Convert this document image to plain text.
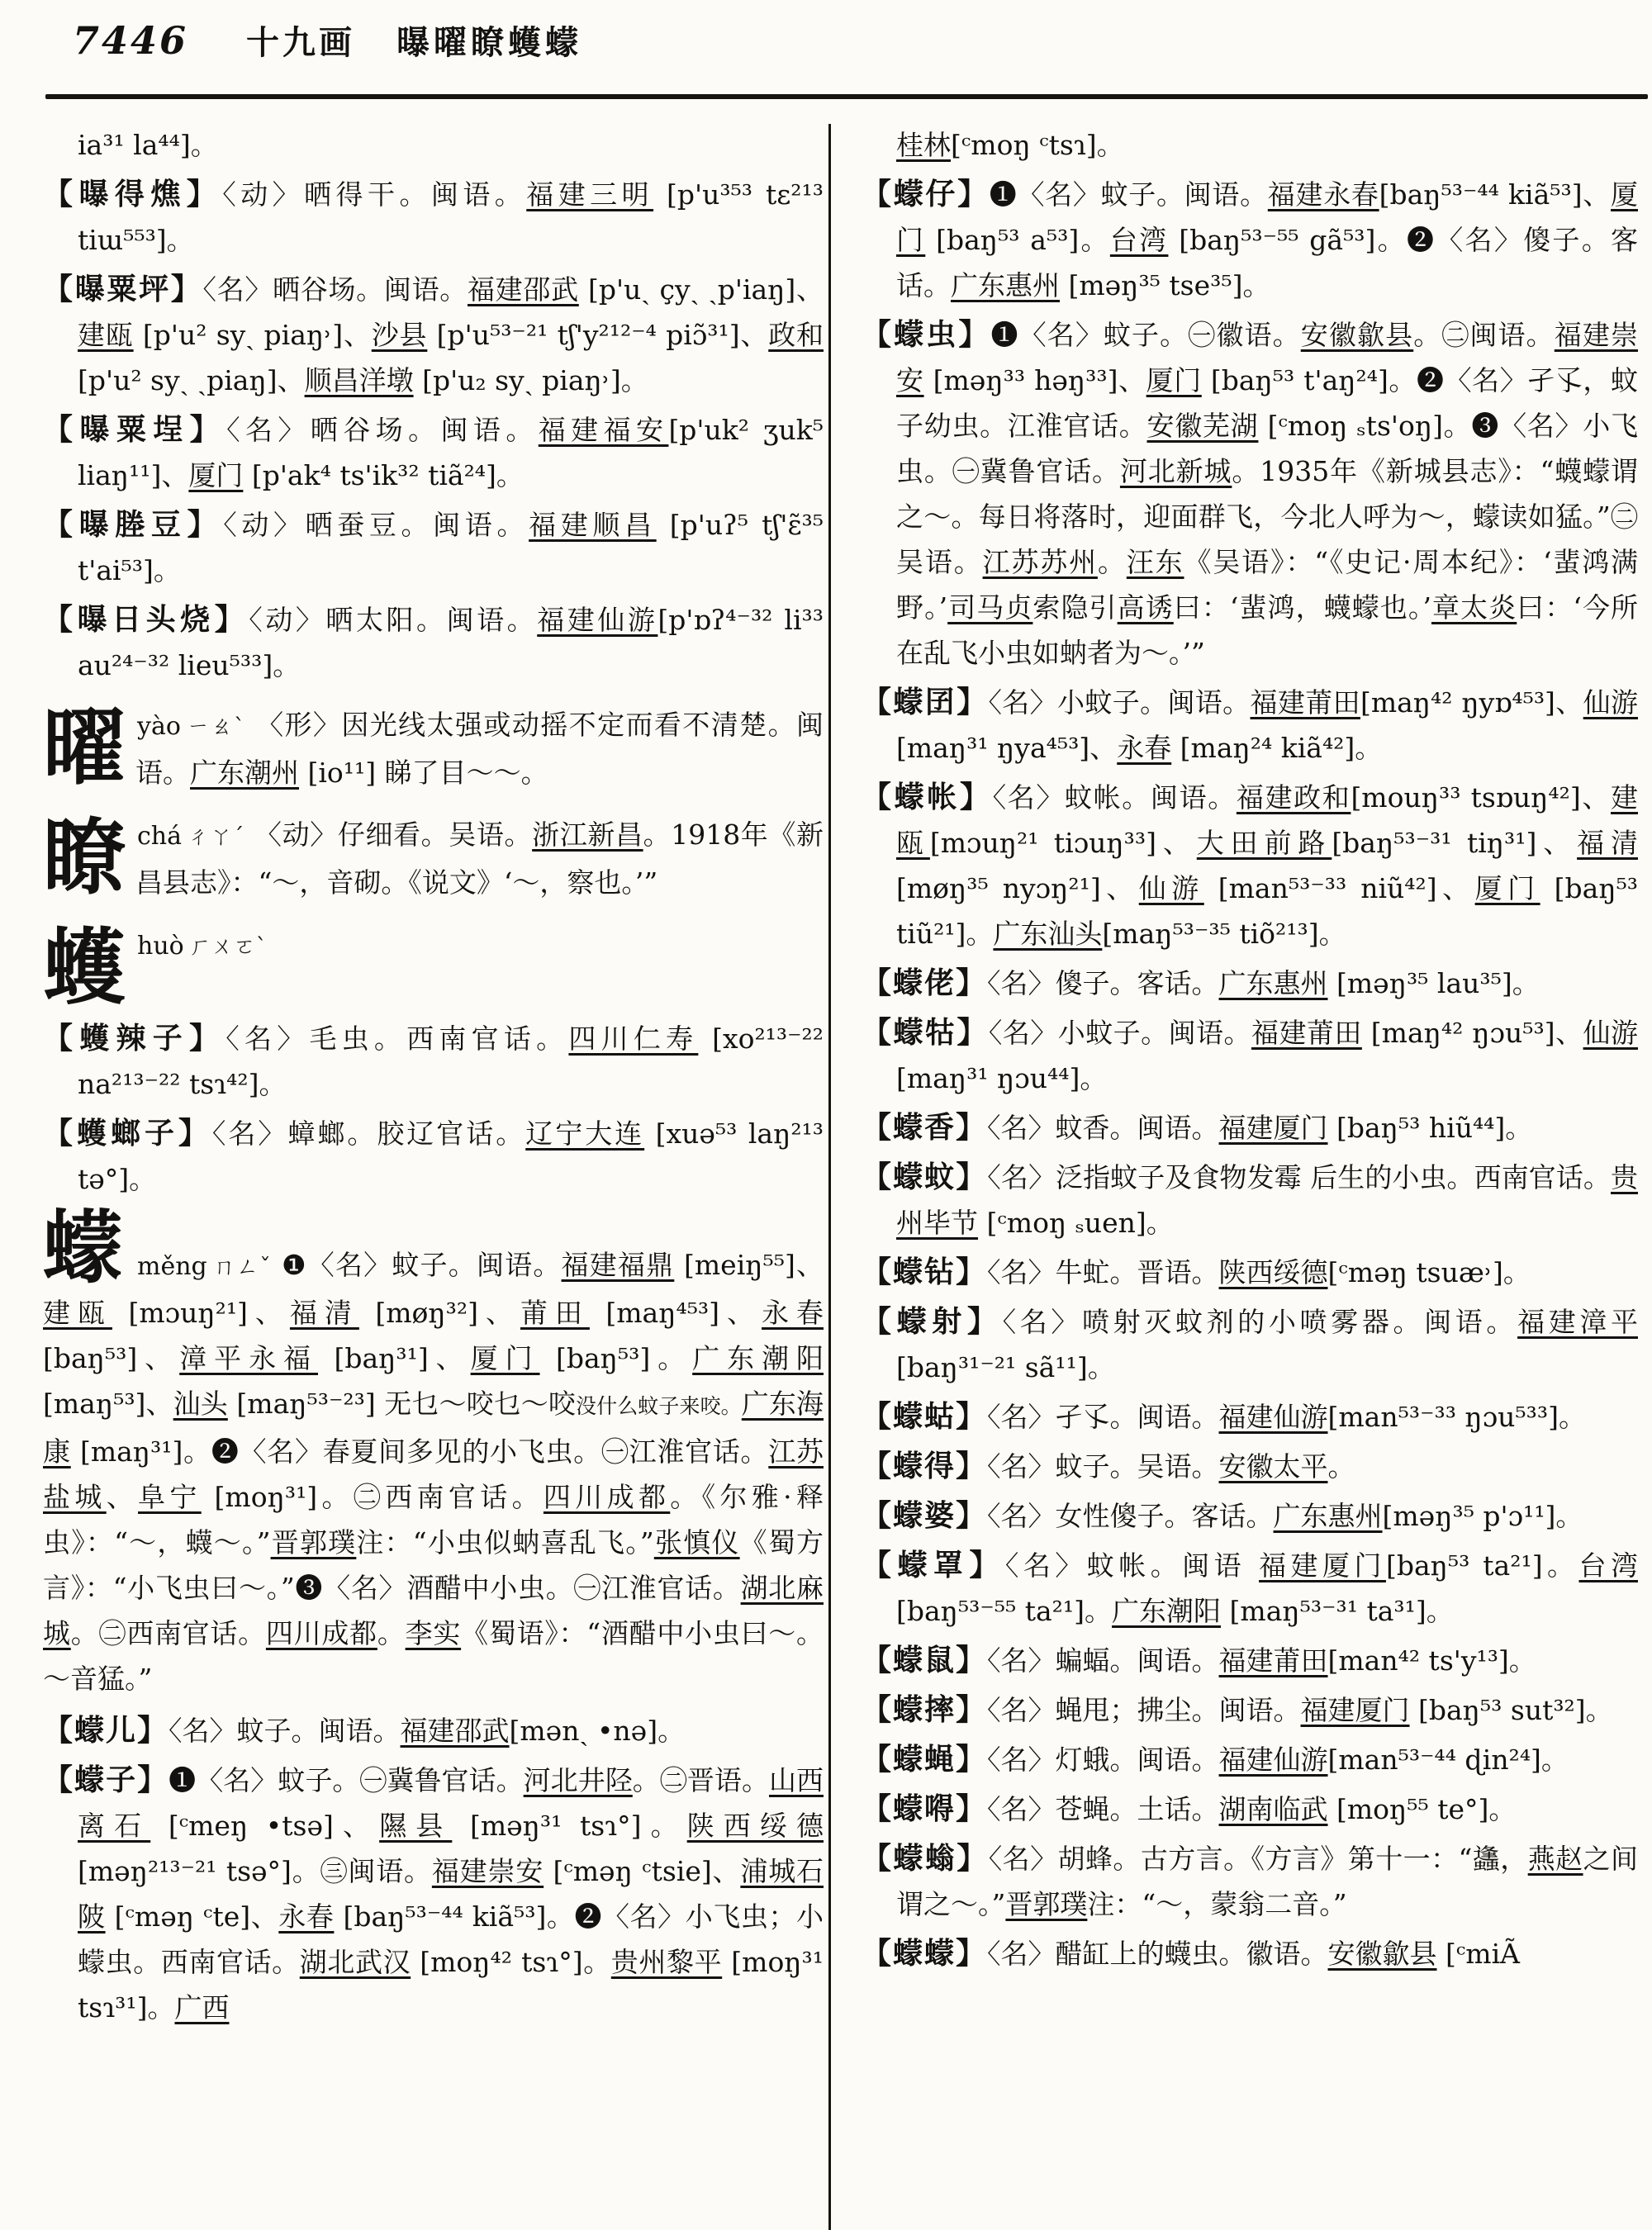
7446 十九画 曝曜瞭蠖蠓

ia³¹ la⁴⁴]。

【曝得燋】〈动〉晒得干。闽语。福建三明 [p'u³⁵³ tɛ²¹³ tiɯ⁵⁵³]。

【曝粟坪】〈名〉晒谷场。闽语。福建邵武 [p'uˏ çyˏ ˏp'iaŋ]、建瓯 [p'u² syˏ piaŋ˒]、沙县 [p'u⁵³⁻²¹ tʃ'y²¹²⁻⁴ piɔ̃³¹]、政和 [p'u² syˏ ˏpiaŋ]、顺昌洋墩 [p'u₂ syˏ piaŋ˒]。

【曝粟埕】〈名〉晒谷场。闽语。福建福安[p'uk² ʒuk⁵ liaŋ¹¹]、厦门 [p'ak⁴ ts'ik³² tiã²⁴]。

【曝塍豆】〈动〉晒蚕豆。闽语。福建顺昌 [p'uʔ⁵ tʃ'ɛ̃³⁵ t'ai⁵³]。

【曝日头烧】〈动〉晒太阳。闽语。福建仙游[p'ɒʔ⁴⁻³² li³³ au²⁴⁻³² lieu⁵³³]。

曜yào ㄧㄠˋ 〈形〉因光线太强或动摇不定而看不清楚。闽语。广东潮州 [io¹¹] 睇了目～～。
瞭chá ㄔㄚˊ 〈动〉仔细看。吴语。浙江新昌。1918年《新昌县志》：“～，音砌。《说文》‘～，察也。’”
蠖huò ㄏㄨㄛˋ

【蠖辣子】〈名〉毛虫。西南官话。四川仁寿 [xo²¹³⁻²² na²¹³⁻²² tsɿ⁴²]。

【蠖螂子】〈名〉蟑螂。胶辽官话。辽宁大连 [xuə⁵³ laŋ²¹³ tə°]。

蠓měng ㄇㄥˇ ❶〈名〉蚊子。闽语。福建福鼎 [meiŋ⁵⁵]、建瓯 [mɔuŋ²¹]、福清 [møŋ³²]、莆田 [maŋ⁴⁵³]、永春 [baŋ⁵³]、漳平永福 [baŋ³¹]、厦门 [baŋ⁵³]。广东潮阳 [maŋ⁵³]、汕头 [maŋ⁵³⁻²³] 无乜～咬乜～咬没什么蚊子来咬。广东海康 [maŋ³¹]。❷〈名〉春夏间多见的小飞虫。㊀江淮官话。江苏盐城、阜宁 [moŋ³¹]。㊁西南官话。四川成都。《尔雅·释虫》：“～，蠛～。”晋郭璞注：“小虫似蚋喜乱飞。”张慎仪《蜀方言》：“小飞虫曰～。”❸〈名〉酒醋中小虫。㊀江淮官话。湖北麻城。㊁西南官话。四川成都。李实《蜀语》：“酒醋中小虫曰～。～音猛。”

【蠓儿】〈名〉蚊子。闽语。福建邵武[mənˏ •nə]。

【蠓子】❶〈名〉蚊子。㊀冀鲁官话。河北井陉。㊁晋语。山西离石 [ᶜmeŋ •tsə]、隰县 [məŋ³¹ tsɿ°]。陕西绥德 [məŋ²¹³⁻²¹ tsə°]。㊂闽语。福建崇安 [ᶜməŋ ᶜtsie]、浦城石陂 [ᶜməŋ ᶜte]、永春 [baŋ⁵³⁻⁴⁴ kiã⁵³]。❷〈名〉小飞虫；小蠓虫。西南官话。湖北武汉 [moŋ⁴² tsɿ°]。贵州黎平 [moŋ³¹ tsɿ³¹]。广西

桂林[ᶜmoŋ ᶜtsɿ]。

【蠓仔】❶〈名〉蚊子。闽语。福建永春[baŋ⁵³⁻⁴⁴ kiã⁵³]、厦门 [baŋ⁵³ a⁵³]。台湾 [baŋ⁵³⁻⁵⁵ gã⁵³]。❷〈名〉傻子。客话。广东惠州 [məŋ³⁵ tse³⁵]。

【蠓虫】❶〈名〉蚊子。㊀徽语。安徽歙县。㊁闽语。福建崇安 [məŋ³³ həŋ³³]、厦门 [baŋ⁵³ t'aŋ²⁴]。❷〈名〉孑孓，蚊子幼虫。江淮官话。安徽芜湖 [ᶜmoŋ ₛts'oŋ]。❸〈名〉小飞虫。㊀冀鲁官话。河北新城。1935年《新城县志》：“蠛蠓谓之～。每日将落时，迎面群飞，今北人呼为～，蠓读如猛。”㊁吴语。江苏苏州。汪东《吴语》：“《史记·周本纪》：‘蜚鸿满野。’司马贞索隐引高诱曰：‘蜚鸿，蠛蠓也。’章太炎曰：‘今所在乱飞小虫如蚋者为～。’”

【蠓囝】〈名〉小蚊子。闽语。福建莆田[maŋ⁴² ŋyɒ⁴⁵³]、仙游 [maŋ³¹ ŋya⁴⁵³]、永春 [maŋ²⁴ kiã⁴²]。

【蠓帐】〈名〉蚊帐。闽语。福建政和[mouŋ³³ tsɒuŋ⁴²]、建瓯[mɔuŋ²¹ tiɔuŋ³³]、大田前路[baŋ⁵³⁻³¹ tiŋ³¹]、福清 [møŋ³⁵ nyɔŋ²¹]、仙游 [man⁵³⁻³³ niũ⁴²]、厦门 [baŋ⁵³ tiũ²¹]。广东汕头[maŋ⁵³⁻³⁵ tiõ²¹³]。

【蠓佬】〈名〉傻子。客话。广东惠州 [məŋ³⁵ lau³⁵]。

【蠓牯】〈名〉小蚊子。闽语。福建莆田 [maŋ⁴² ŋɔu⁵³]、仙游 [maŋ³¹ ŋɔu⁴⁴]。

【蠓香】〈名〉蚊香。闽语。福建厦门 [baŋ⁵³ hiũ⁴⁴]。

【蠓蚊】〈名〉泛指蚊子及食物发霉 后生的小虫。西南官话。贵州毕节 [ᶜmoŋ ₛuen]。

【蠓钻】〈名〉牛虻。晋语。陕西绥德[ᶜməŋ tsuæ˒]。

【蠓射】〈名〉喷射灭蚊剂的小喷雾器。闽语。福建漳平 [baŋ³¹⁻²¹ sã¹¹]。

【蠓蛄】〈名〉孑孓。闽语。福建仙游[man⁵³⁻³³ ŋɔu⁵³³]。

【蠓得】〈名〉蚊子。吴语。安徽太平。

【蠓婆】〈名〉女性傻子。客话。广东惠州[məŋ³⁵ p'ɔ¹¹]。

【蠓罩】〈名〉蚊帐。闽语 福建厦门[baŋ⁵³ ta²¹]。台湾 [baŋ⁵³⁻⁵⁵ ta²¹]。广东潮阳 [maŋ⁵³⁻³¹ ta³¹]。

【蠓鼠】〈名〉蝙蝠。闽语。福建莆田[man⁴² ts'y¹³]。

【蠓摔】〈名〉蝇甩；拂尘。闽语。福建厦门 [baŋ⁵³ sut³²]。

【蠓蝇】〈名〉灯蛾。闽语。福建仙游[man⁵³⁻⁴⁴ ɖin²⁴]。

【蠓嘚】〈名〉苍蝇。土话。湖南临武 [moŋ⁵⁵ te°]。

【蠓螉】〈名〉胡蜂。古方言。《方言》第十一：“蠭，燕赵之间谓之～。”晋郭璞注：“～，蒙翁二音。”

【蠓蠓】〈名〉醋缸上的蠛虫。徽语。安徽歙县 [ᶜmiÃ
